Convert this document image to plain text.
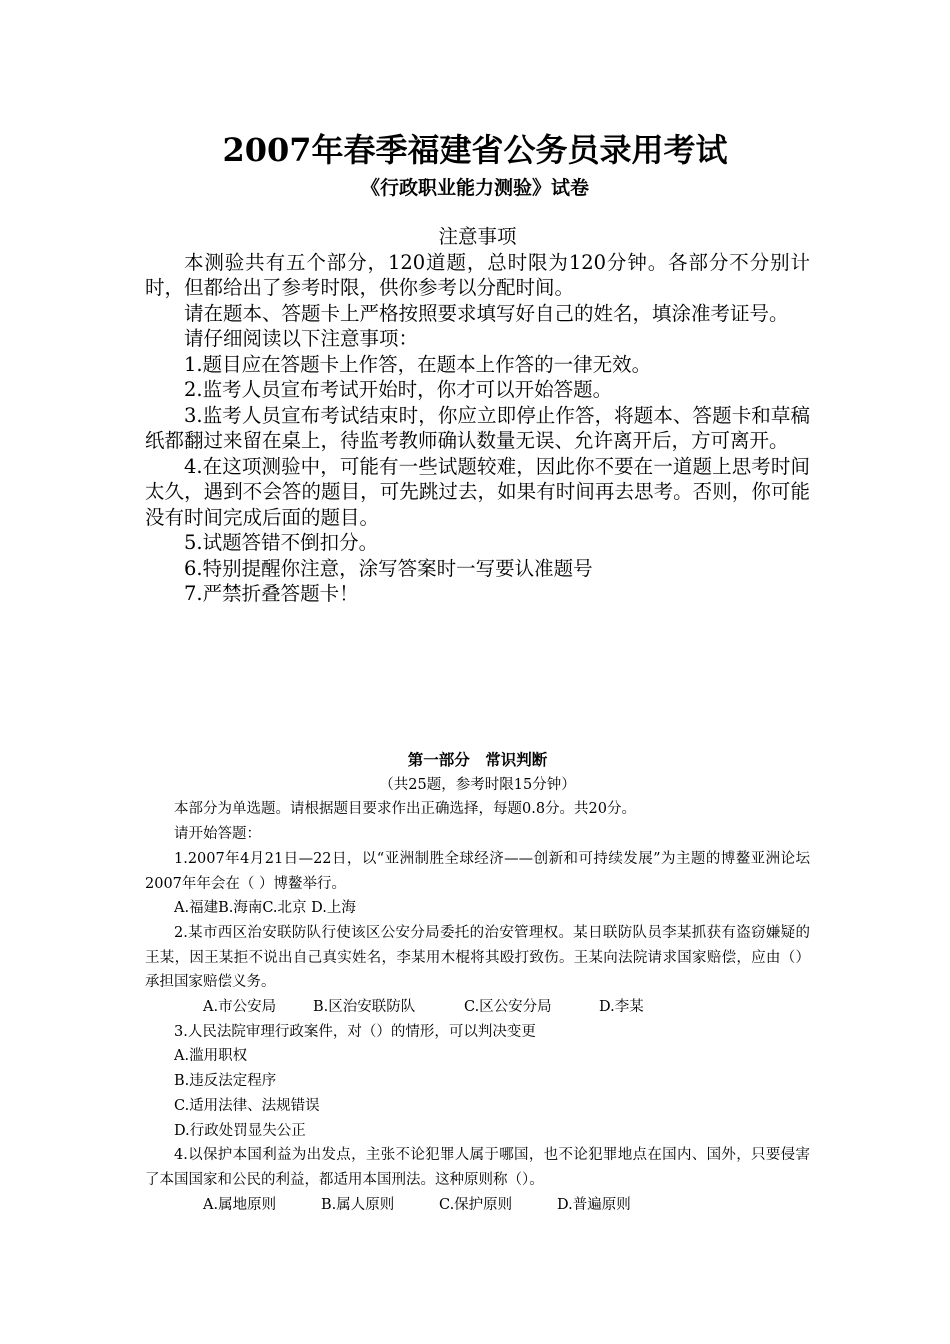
2007年春季福建省公务员录用考试
《行政职业能力测验》试卷

注意事项

本测验共有五个部分，120道题，总时限为120分钟。各部分不分别计时，但都给出了参考时限，供你参考以分配时间。

请在题本、答题卡上严格按照要求填写好自己的姓名，填涂准考证号。

请仔细阅读以下注意事项：

1.题目应在答题卡上作答，在题本上作答的一律无效。

2.监考人员宣布考试开始时，你才可以开始答题。

3.监考人员宣布考试结束时，你应立即停止作答，将题本、答题卡和草稿纸都翻过来留在桌上，待监考教师确认数量无误、允许离开后，方可离开。

4.在这项测验中，可能有一些试题较难，因此你不要在一道题上思考时间太久，遇到不会答的题目，可先跳过去，如果有时间再去思考。否则，你可能没有时间完成后面的题目。

5.试题答错不倒扣分。

6.特别提醒你注意，涂写答案时一写要认准题号

7.严禁折叠答题卡！

第一部分　常识判断

（共25题，参考时限15分钟）

本部分为单选题。请根据题目要求作出正确选择，每题0.8分。共20分。

请开始答题：

1.2007年4月21日—22日，以“亚洲制胜全球经济——创新和可持续发展”为主题的博鳌亚洲论坛2007年年会在（ ）博鳌举行。

A.福建B.海南C.北京 D.上海

2.某市西区治安联防队行使该区公安分局委托的治安管理权。某日联防队员李某抓获有盗窃嫌疑的王某，因王某拒不说出自己真实姓名，李某用木棍将其殴打致伤。王某向法院请求国家赔偿，应由（）承担国家赔偿义务。

A.市公安局	B.区治安联防队	C.区公安分局	D.李某

3.人民法院审理行政案件，对（）的情形，可以判决变更

A.滥用职权

B.违反法定程序

C.适用法律、法规错误

D.行政处罚显失公正

4.以保护本国利益为出发点，主张不论犯罪人属于哪国，也不论犯罪地点在国内、国外，只要侵害了本国国家和公民的利益，都适用本国刑法。这种原则称（）。

A.属地原则	B.属人原则	C.保护原则	D.普遍原则
